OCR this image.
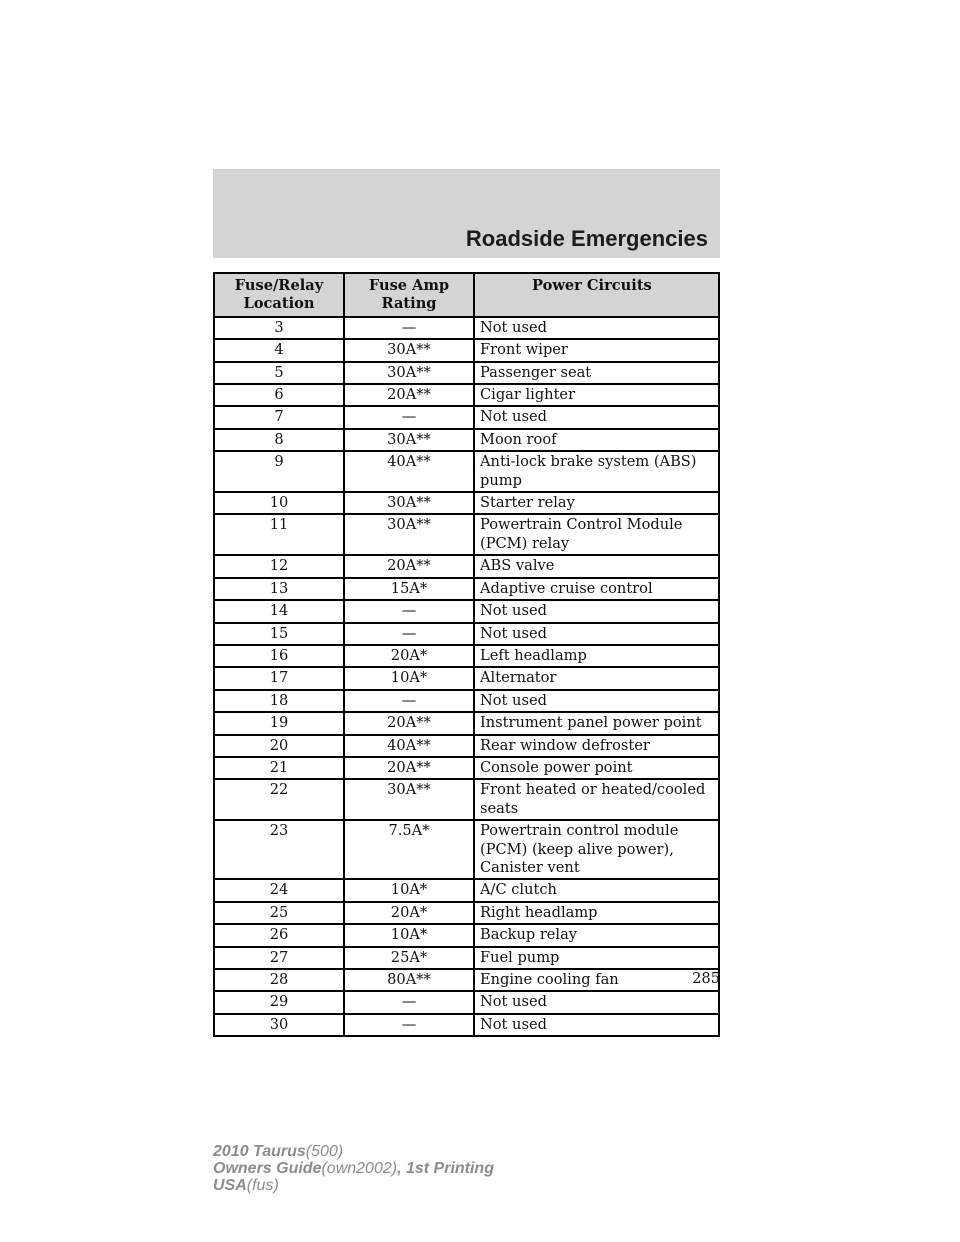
Roadside Emergencies
Fuse/Relay Location	Fuse Amp Rating	Power Circuits
3	—	Not used
4	30A**	Front wiper
5	30A**	Passenger seat
6	20A**	Cigar lighter
7	—	Not used
8	30A**	Moon roof
9	40A**	Anti-lock brake system (ABS) pump
10	30A**	Starter relay
11	30A**	Powertrain Control Module (PCM) relay
12	20A**	ABS valve
13	15A*	Adaptive cruise control
14	—	Not used
15	—	Not used
16	20A*	Left headlamp
17	10A*	Alternator
18	—	Not used
19	20A**	Instrument panel power point
20	40A**	Rear window defroster
21	20A**	Console power point
22	30A**	Front heated or heated/cooled seats
23	7.5A*	Powertrain control module (PCM) (keep alive power), Canister vent
24	10A*	A/C clutch
25	20A*	Right headlamp
26	10A*	Backup relay
27	25A*	Fuel pump
28	80A**	Engine cooling fan
29	—	Not used
30	—	Not used
285
2010 Taurus(500)
Owners Guide(own2002), 1st Printing
USA(fus)
